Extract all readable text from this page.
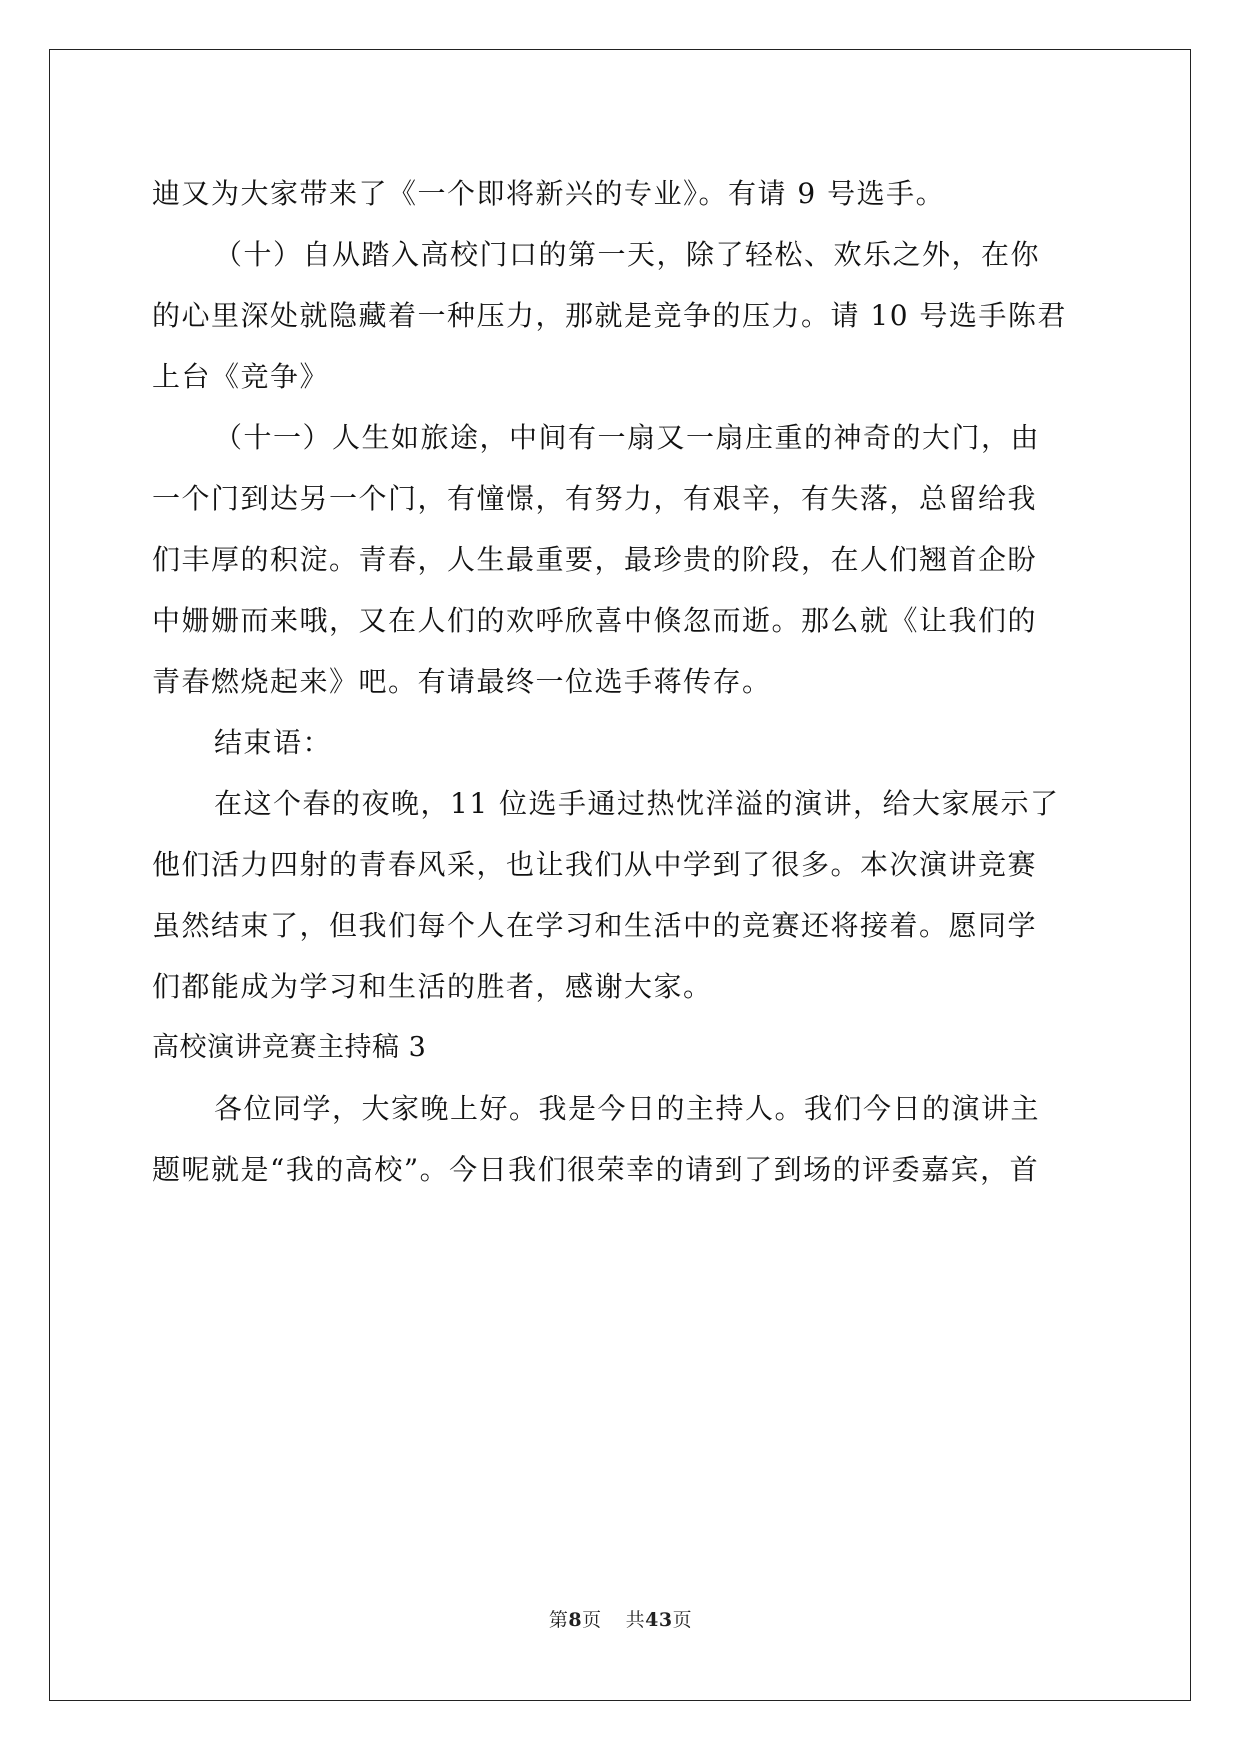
迪又为大家带来了《一个即将新兴的专业》。有请 9 号选手。
（十）自从踏入高校门口的第一天，除了轻松、欢乐之外，在你
的心里深处就隐藏着一种压力，那就是竞争的压力。请 10 号选手陈君
上台《竞争》
（十一）人生如旅途，中间有一扇又一扇庄重的神奇的大门，由
一个门到达另一个门，有憧憬，有努力，有艰辛，有失落，总留给我
们丰厚的积淀。青春，人生最重要，最珍贵的阶段，在人们翘首企盼
中姗姗而来哦，又在人们的欢呼欣喜中倏忽而逝。那么就《让我们的
青春燃烧起来》吧。有请最终一位选手蒋传存。
结束语：
在这个春的夜晚，11 位选手通过热忱洋溢的演讲，给大家展示了
他们活力四射的青春风采，也让我们从中学到了很多。本次演讲竞赛
虽然结束了，但我们每个人在学习和生活中的竞赛还将接着。愿同学
们都能成为学习和生活的胜者，感谢大家。
高校演讲竞赛主持稿 3
各位同学，大家晚上好。我是今日的主持人。我们今日的演讲主
题呢就是“我的高校”。今日我们很荣幸的请到了到场的评委嘉宾，首
第8页 共43页
